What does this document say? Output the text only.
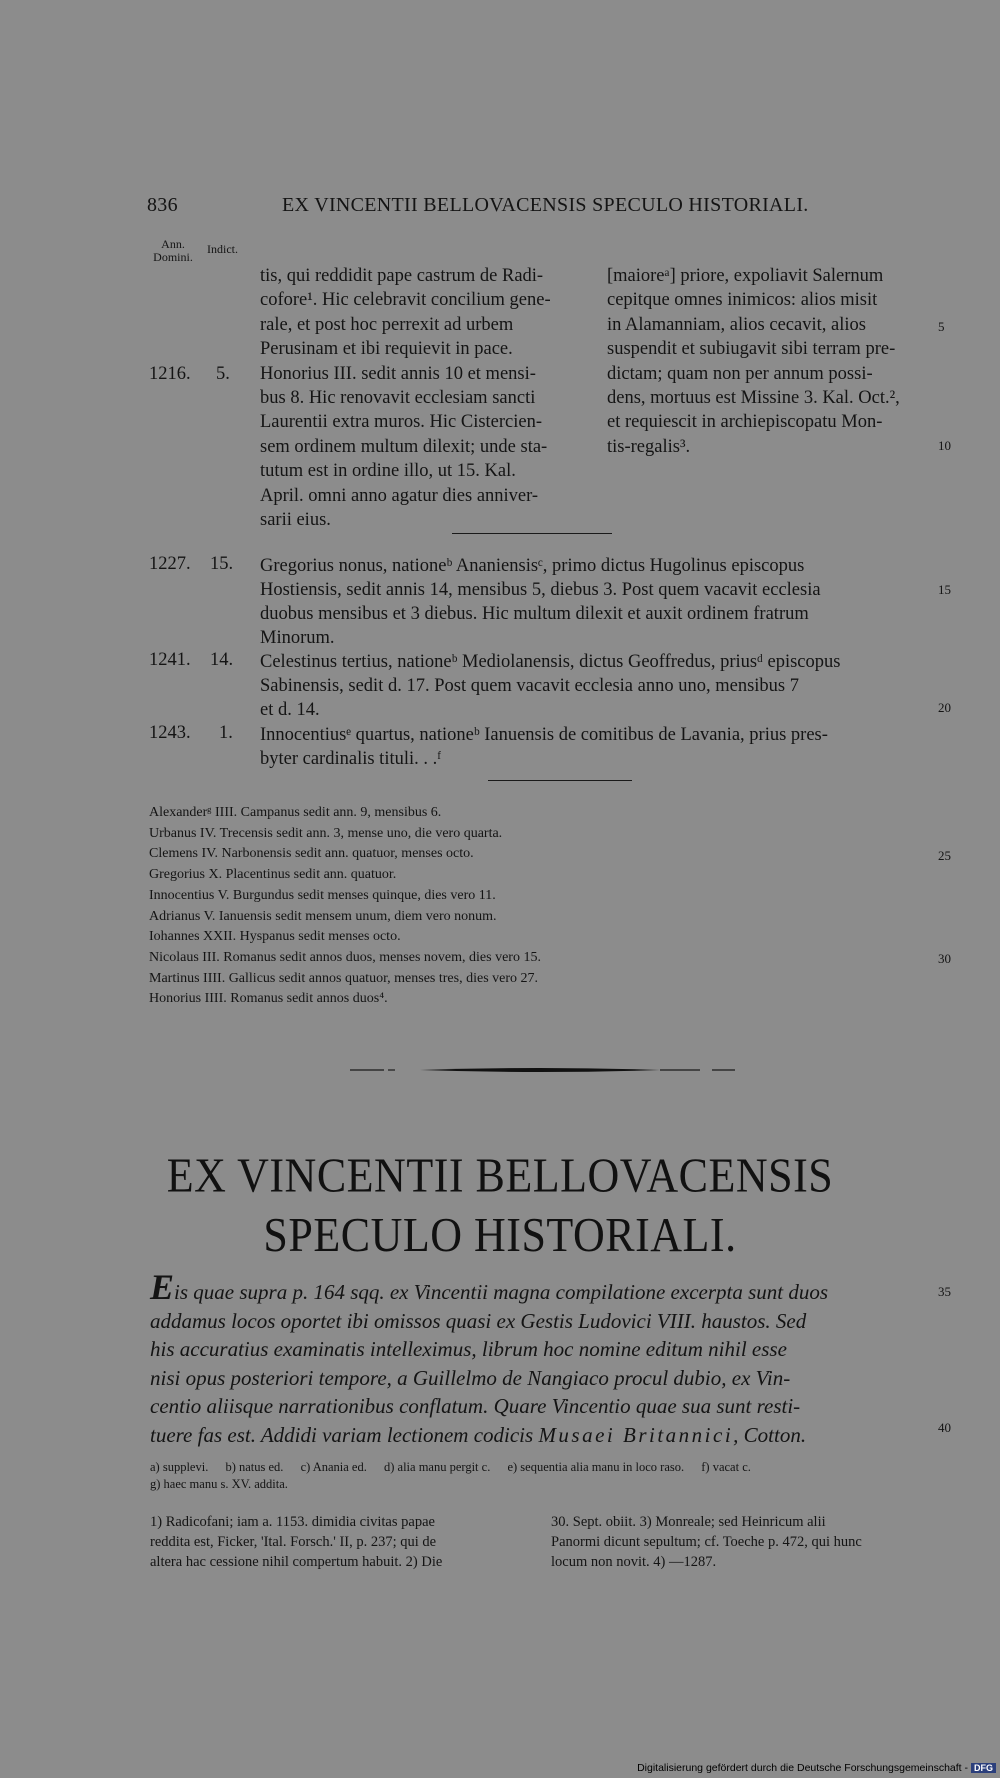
836	EX VINCENTII BELLOVACENSIS SPECULO HISTORIALI.
Ann.
Domini.
Indict.

tis, qui reddidit pape castrum de Radi-

cofore¹. Hic celebravit concilium gene-

rale, et post hoc perrexit ad urbem

Perusinam et ibi requievit in pace.

Honorius III. sedit annis 10 et mensi-

bus 8. Hic renovavit ecclesiam sancti

Laurentii extra muros. Hic Cistercien-

sem ordinem multum dilexit; unde sta-

tutum est in ordine illo, ut 15. Kal.

April. omni anno agatur dies anniver-

sarii eius.

[maioreᵃ] priore, expoliavit Salernum

cepitque omnes inimicos: alios misit

in Alamanniam, alios cecavit, alios

suspendit et subiugavit sibi terram pre-

dictam; quam non per annum possi-

dens, mortuus est Missine 3. Kal. Oct.²,

et requiescit in archiepiscopatu Mon-

tis-regalis³.

1216. 5.
1227. 15. Gregorius nonus, nationeᵇ Ananiensisᶜ, primo dictus Hugolinus episcopus
Hostiensis, sedit annis 14, mensibus 5, diebus 3. Post quem vacavit ecclesia
duobus mensibus et 3 diebus. Hic multum dilexit et auxit ordinem fratrum
Minorum.
1241. 14. Celestinus tertius, nationeᵇ Mediolanensis, dictus Geoffredus, priusᵈ episcopus
Sabinensis, sedit d. 17. Post quem vacavit ecclesia anno uno, mensibus 7
et d. 14.
1243. 1. Innocentiusᵉ quartus, nationeᵇ Ianuensis de comitibus de Lavania, prius pres-
byter cardinalis tituli. . .ᶠ
Alexanderᵍ IIII. Campanus sedit ann. 9, mensibus 6.
Urbanus IV. Trecensis sedit ann. 3, mense uno, die vero quarta.
Clemens IV. Narbonensis sedit ann. quatuor, menses octo.
Gregorius X. Placentinus sedit ann. quatuor.
Innocentius V. Burgundus sedit menses quinque, dies vero 11.
Adrianus V. Ianuensis sedit mensem unum, diem vero nonum.
Iohannes XXII. Hyspanus sedit menses octo.
Nicolaus III. Romanus sedit annos duos, menses novem, dies vero 15.
Martinus IIII. Gallicus sedit annos quatuor, menses tres, dies vero 27.
Honorius IIII. Romanus sedit annos duos⁴.
5
10
15
20
25
30
35
40
EX VINCENTII BELLOVACENSIS
SPECULO HISTORIALI.
Eis quae supra p. 164 sqq. ex Vincentii magna compilatione excerpta sunt duos
addamus locos oportet ibi omissos quasi ex Gestis Ludovici VIII. haustos. Sed
his accuratius examinatis intelleximus, librum hoc nomine editum nihil esse
nisi opus posteriori tempore, a Guillelmo de Nangiaco procul dubio, ex Vin-
centio aliisque narrationibus conflatum. Quare Vincentio quae sua sunt resti-
tuere fas est. Addidi variam lectionem codicis Musaei Britannici, Cotton.
a) supplevi. b) natus ed. c) Anania ed. d) alia manu pergit c. e) sequentia alia manu in loco raso. f) vacat c.
g) haec manu s. XV. addita.
1) Radicofani; iam a. 1153. dimidia civitas papae
reddita est, Ficker, 'Ital. Forsch.' II, p. 237; qui de
altera hac cessione nihil compertum habuit. 2) Die
30. Sept. obiit. 3) Monreale; sed Heinricum alii
Panormi dicunt sepultum; cf. Toeche p. 472, qui hunc
locum non novit. 4) —1287.
Digitalisierung gefördert durch die Deutsche Forschungsgemeinschaft - DFG
